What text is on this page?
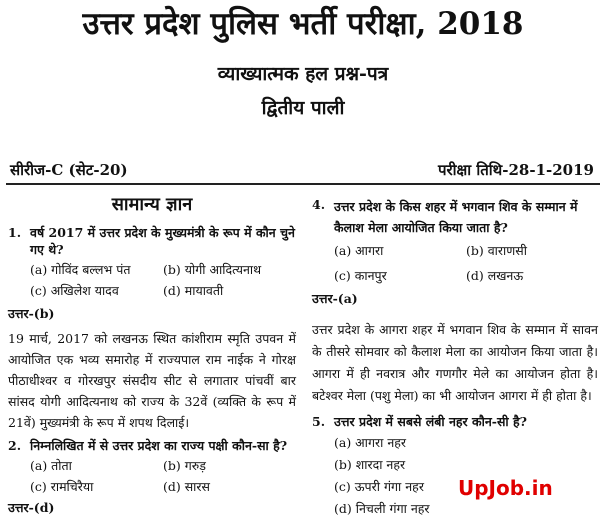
उत्तर प्रदेश पुलिस भर्ती परीक्षा, 2018
व्याख्यात्मक हल प्रश्न-पत्र
द्वितीय पाली
सीरीज-C (सेट-20)	परीक्षा तिथि-28-1-2019
सामान्य ज्ञान
1. वर्ष 2017 में उत्तर प्रदेश के मुख्यमंत्री के रूप में कौन चुने गए थे?
(a) गोविंद बल्लभ पंत	(b) योगी आदित्यनाथ
(c) अखिलेश यादव	(d) मायावती
उत्तर-(b)
19 मार्च, 2017 को लखनऊ स्थित कांशीराम स्मृति उपवन में आयोजित एक भव्य समारोह में राज्यपाल राम नाईक ने गोरक्ष पीठाधीश्वर व गोरखपुर संसदीय सीट से लगातार पांचवीं बार सांसद योगी आदित्यनाथ को राज्य के 32वें (व्यक्ति के रूप में 21वें) मुख्यमंत्री के रूप में शपथ दिलाई।
2. निम्नलिखित में से उत्तर प्रदेश का राज्य पक्षी कौन-सा है?
(a) तोता	(b) गरुड़
(c) रामचिरैया	(d) सारस
उत्तर-(d)
4. उत्तर प्रदेश के किस शहर में भगवान शिव के सम्मान में कैलाश मेला आयोजित किया जाता है?
(a) आगरा	(b) वाराणसी
(c) कानपुर	(d) लखनऊ
उत्तर-(a)
उत्तर प्रदेश के आगरा शहर में भगवान शिव के सम्मान में सावन के तीसरे सोमवार को कैलाश मेला का आयोजन किया जाता है। आगरा में ही नवरात्र और गणगौर मेले का आयोजन होता है। बटेश्वर मेला (पशु मेला) का भी आयोजन आगरा में ही होता है।
5. उत्तर प्रदेश में सबसे लंबी नहर कौन-सी है?
(a) आगरा नहर
(b) शारदा नहर
(c) ऊपरी गंगा नहर
(d) निचली गंगा नहर
UpJob.in
